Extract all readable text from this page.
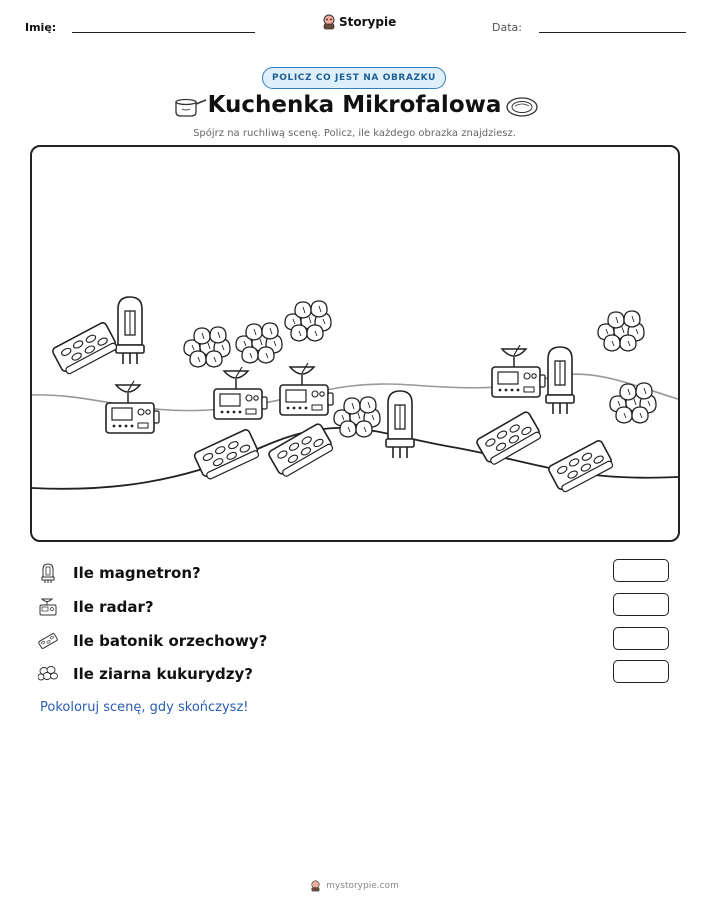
Imię:	Storypie	Data:
POLICZ CO JEST NA OBRAZKU
Kuchenka Mikrofalowa
Spójrz na ruchliwą scenę. Policz, ile każdego obrazka znajdziesz.
Ile magnetron?
Ile radar?
Ile batonik orzechowy?
Ile ziarna kukurydzy?
Pokoloruj scenę, gdy skończysz!
mystorypie.com
